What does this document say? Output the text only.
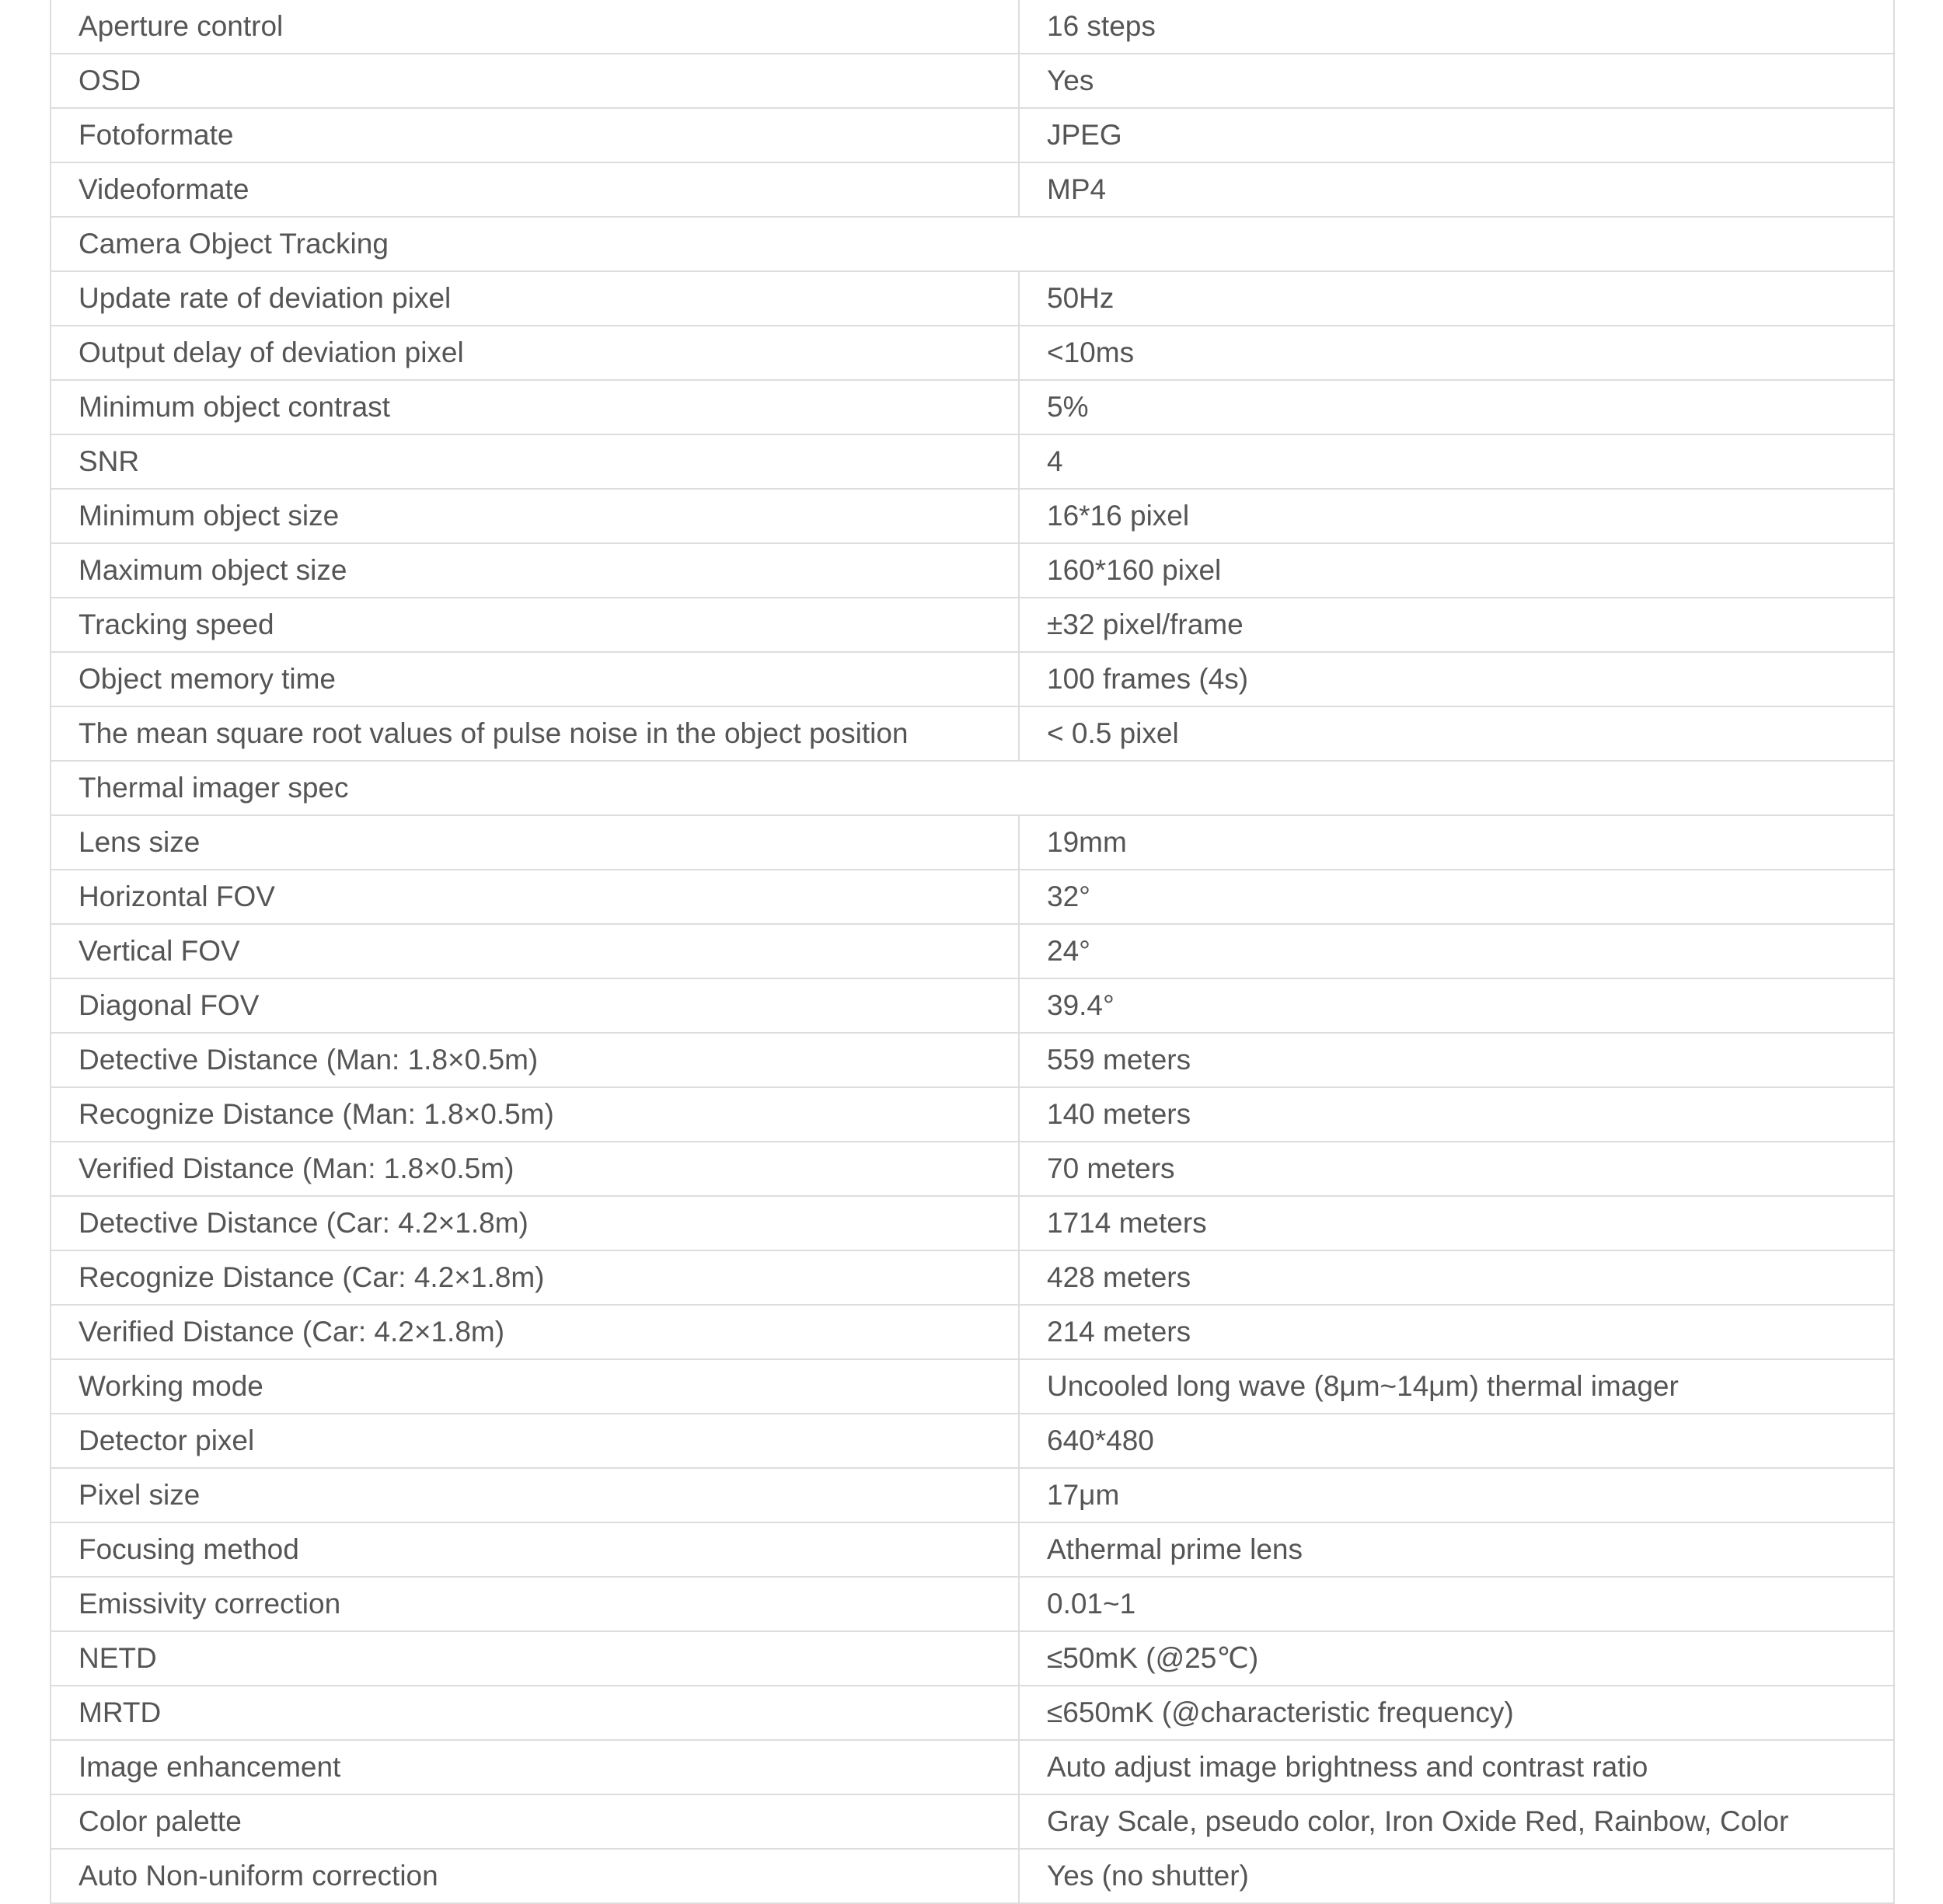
Aperture control	16 steps
OSD	Yes
Fotoformate	JPEG
Videoformate	MP4
Camera Object Tracking	
Update rate of deviation pixel	50Hz
Output delay of deviation pixel	<10ms
Minimum object contrast	5%
SNR	4
Minimum object size	16*16 pixel
Maximum object size	160*160 pixel
Tracking speed	±32 pixel/frame
Object memory time	100 frames (4s)
The mean square root values of pulse noise in the object position	< 0.5 pixel
Thermal imager spec	
Lens size	19mm
Horizontal FOV	32°
Vertical FOV	24°
Diagonal FOV	39.4°
Detective Distance (Man: 1.8×0.5m)	559 meters
Recognize Distance (Man: 1.8×0.5m)	140 meters
Verified Distance (Man: 1.8×0.5m)	70 meters
Detective Distance (Car: 4.2×1.8m)	1714 meters
Recognize Distance (Car: 4.2×1.8m)	428 meters
Verified Distance (Car: 4.2×1.8m)	214 meters
Working mode	Uncooled long wave (8μm~14μm) thermal imager
Detector pixel	640*480
Pixel size	17μm
Focusing method	Athermal prime lens
Emissivity correction	0.01~1
NETD	≤50mK (@25℃)
MRTD	≤650mK (@characteristic frequency)
Image enhancement	Auto adjust image brightness and contrast ratio
Color palette	Gray Scale, pseudo color, Iron Oxide Red, Rainbow, Color
Auto Non-uniform correction	Yes (no shutter)
